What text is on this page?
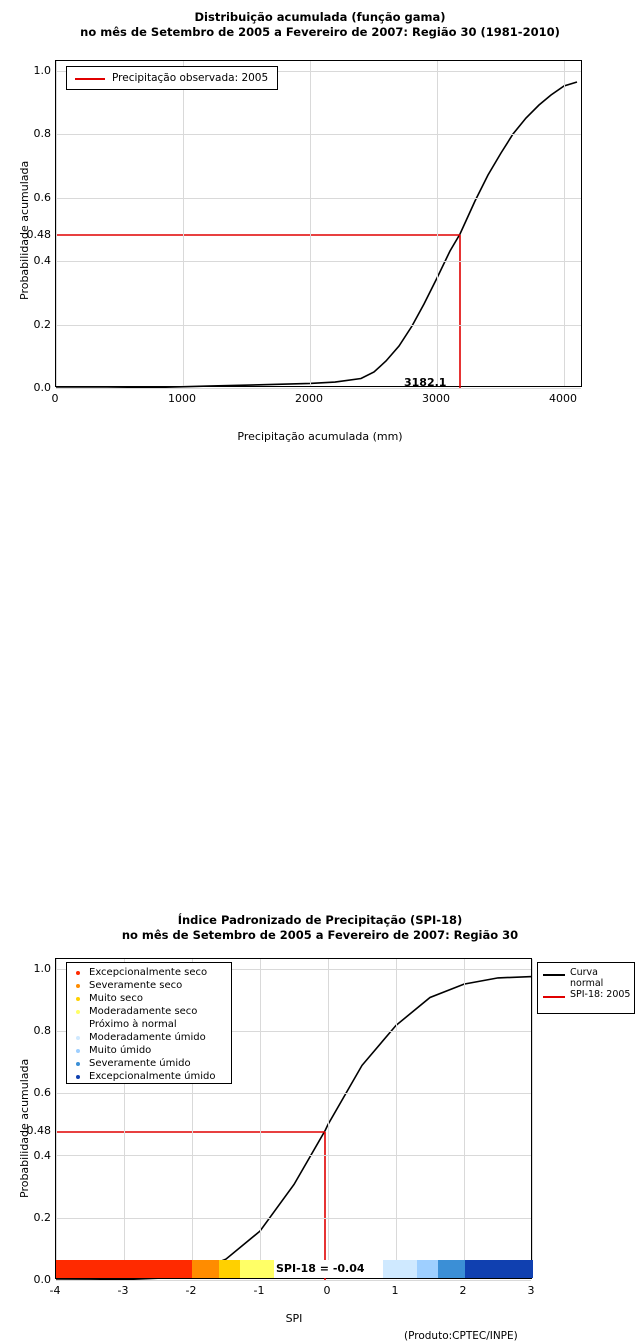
Distribuição acumulada (função gama)
no mês de Setembro de 2005 a Fevereiro de 2007: Região 30 (1981-2010)
Probabilidade acumulada
0.0
0.2
0.4
0.6
0.8
1.0
0.48
0	1000	2000	3000	4000
3182.1
Precipitação acumulada (mm)
Precipitação observada: 2005
Índice Padronizado de Precipitação (SPI-18)
no mês de Setembro de 2005 a Fevereiro de 2007: Região 30
Probabilidade acumulada
SPI-18 = -0.04
0.0
0.2
0.4
0.6
0.8
1.0
0.48
-4	-3	-2	-1	0	1	2	3
SPI
(Produto:CPTEC/INPE)
Excepcionalmente seco
Severamente seco
Muito seco
Moderadamente seco
Próximo à normal
Moderadamente úmido
Muito úmido
Severamente úmido
Excepcionalmente úmido
Curva normal
SPI-18: 2005
